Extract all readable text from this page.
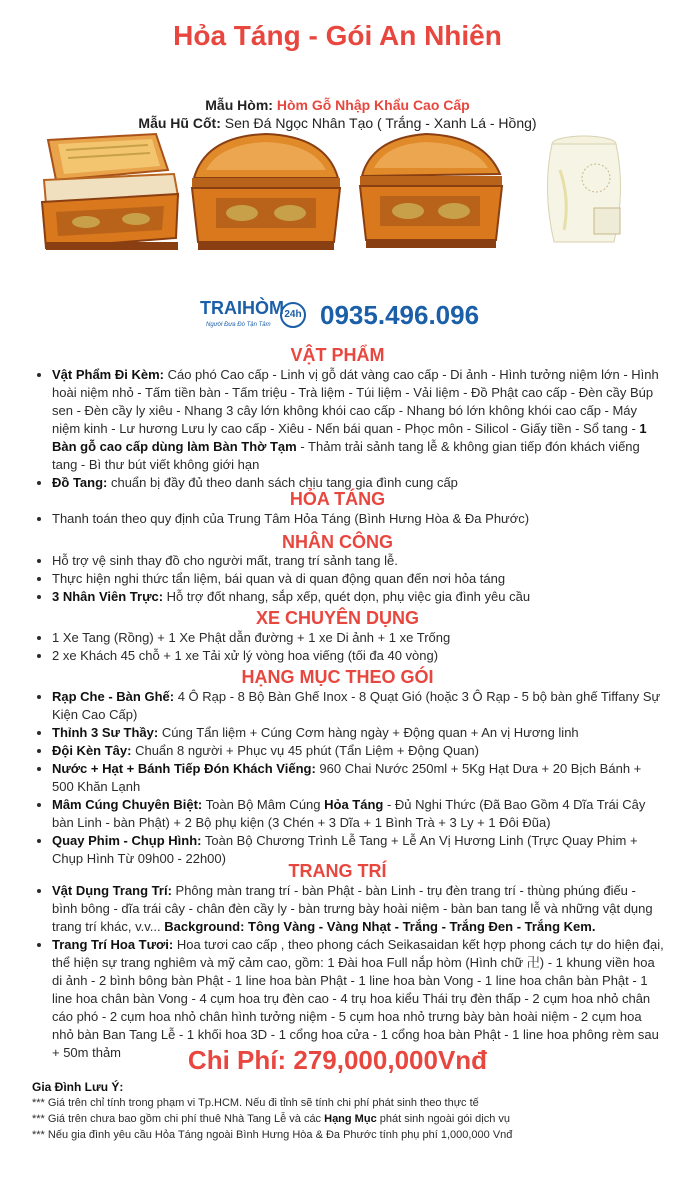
Hỏa Táng - Gói An Nhiên
Mẫu Hòm: Hòm Gỗ Nhập Khẩu Cao Cấp
Mẫu Hũ Cốt: Sen Đá Ngọc Nhân Tạo ( Trắng - Xanh Lá - Hồng)
TRAIHÒM 24h
Người Đưa Đò Tận Tâm 0935.496.096
VẬT PHẨM
• Vật Phẩm Đi Kèm: Cáo phó Cao cấp - Linh vị gỗ dát vàng cao cấp - Di ảnh - Hình tưởng niệm lớn - Hình hoài niệm nhỏ - Tấm tiền bàn - Tấm triệu - Trà liệm - Túi liệm - Vải liệm - Đồ Phật cao cấp - Đèn cầy Búp sen - Đèn cầy ly xiêu - Nhang 3 cây lớn không khói cao cấp - Nhang bó lớn không khói cao cấp - Máy niệm kinh - Lư hương Lưu ly cao cấp - Xiêu - Nến bái quan - Phọc môn - Silicol - Giấy tiền - Sổ tang - 1 Bàn gỗ cao cấp dùng làm Bàn Thờ Tạm - Thảm trải sảnh tang lễ & không gian tiếp đón khách viếng tang - Bì thư bút viết không giới hạn
• Đồ Tang: chuẩn bị đầy đủ theo danh sách chịu tang gia đình cung cấp
HỎA TÁNG
• Thanh toán theo quy định của Trung Tâm Hỏa Táng (Bình Hưng Hòa & Đa Phước)
NHÂN CÔNG
• Hỗ trợ vệ sinh thay đồ cho người mất, trang trí sảnh tang lễ.
• Thực hiện nghi thức tẩn liệm, bái quan và di quan động quan đến nơi hỏa táng
• 3 Nhân Viên Trực: Hỗ trợ đốt nhang, sắp xếp, quét dọn, phụ việc gia đình yêu cầu
XE CHUYÊN DỤNG
• 1 Xe Tang (Rồng) + 1 Xe Phật dẫn đường + 1 xe Di ảnh + 1 xe Trống
• 2 xe Khách 45 chỗ + 1 xe Tải xử lý vòng hoa viếng (tối đa 40 vòng)
HẠNG MỤC THEO GÓI
• Rạp Che - Bàn Ghế: 4 Ô Rạp - 8 Bộ Bàn Ghế Inox - 8 Quạt Gió (hoặc 3 Ô Rạp - 5 bộ bàn ghế Tiffany Sự Kiện Cao Cấp)
• Thỉnh 3 Sư Thầy: Cúng Tẩn liệm + Cúng Cơm hàng ngày + Động quan + An vị Hương linh
• Đội Kèn Tây: Chuẩn 8 người + Phục vụ 45 phút (Tẩn Liệm + Động Quan)
• Nước + Hạt + Bánh Tiếp Đón Khách Viếng: 960 Chai Nước 250ml + 5Kg Hạt Dưa + 20 Bịch Bánh + 500 Khăn Lạnh
• Mâm Cúng Chuyên Biệt: Toàn Bộ Mâm Cúng Hỏa Táng - Đủ Nghi Thức (Đã Bao Gồm 4 Dĩa Trái Cây bàn Linh - bàn Phật) + 2 Bộ phụ kiện (3 Chén + 3 Dĩa + 1 Bình Trà + 3 Ly + 1 Đôi Đũa)
• Quay Phim - Chụp Hình: Toàn Bộ Chương Trình Lễ Tang + Lễ An Vị Hương Linh (Trực Quay Phim + Chụp Hình Từ 09h00 - 22h00)
TRANG TRÍ
• Vật Dụng Trang Trí: Phông màn trang trí - bàn Phật - bàn Linh - trụ đèn trang trí - thùng phúng điếu - bình bông - dĩa trái cây - chân đèn cầy ly - bàn trưng bày hoài niệm - bàn ban tang lễ và những vật dụng trang trí khác, v.v... Background: Tông Vàng - Vàng Nhạt - Trắng - Trắng Đen - Trắng Kem.
• Trang Trí Hoa Tươi: Hoa tươi cao cấp , theo phong cách Seikasaidan kết hợp phong cách tự do hiện đại, thể hiện sự trang nghiêm và mỹ cảm cao, gồm: 1 Đài hoa Full nắp hòm (Hình chữ 卍) - 1 khung viền hoa di ảnh - 2 bình bông bàn Phật - 1 line hoa bàn Phật - 1 line hoa bàn Vong - 1 line hoa chân bàn Phật - 1 line hoa chân bàn Vong - 4 cụm hoa trụ đèn cao - 4 trụ hoa kiểu Thái trụ đèn thấp - 2 cụm hoa nhỏ chân cáo phó - 2 cụm hoa nhỏ chân hình tưởng niệm - 5 cụm hoa nhỏ trưng bày bàn hoài niệm - 2 cụm hoa nhỏ bàn Ban Tang Lễ - 1 khối hoa 3D - 1 cổng hoa cửa - 1 cổng hoa bàn Phật - 1 line hoa phông rèm sau + 50m thảm	Chi Phí: 279,000,000Vnđ
Gia Đình Lưu Ý:
*** Giá trên chỉ tính trong phạm vi Tp.HCM. Nếu đi tỉnh sẽ tính chi phí phát sinh theo thực tế
*** Giá trên chưa bao gồm chi phí thuê Nhà Tang Lễ và các Hạng Mục phát sinh ngoài gói dịch vụ
*** Nếu gia đình yêu cầu Hỏa Táng ngoài Bình Hưng Hòa & Đa Phước tính phụ phí 1,000,000 Vnđ
